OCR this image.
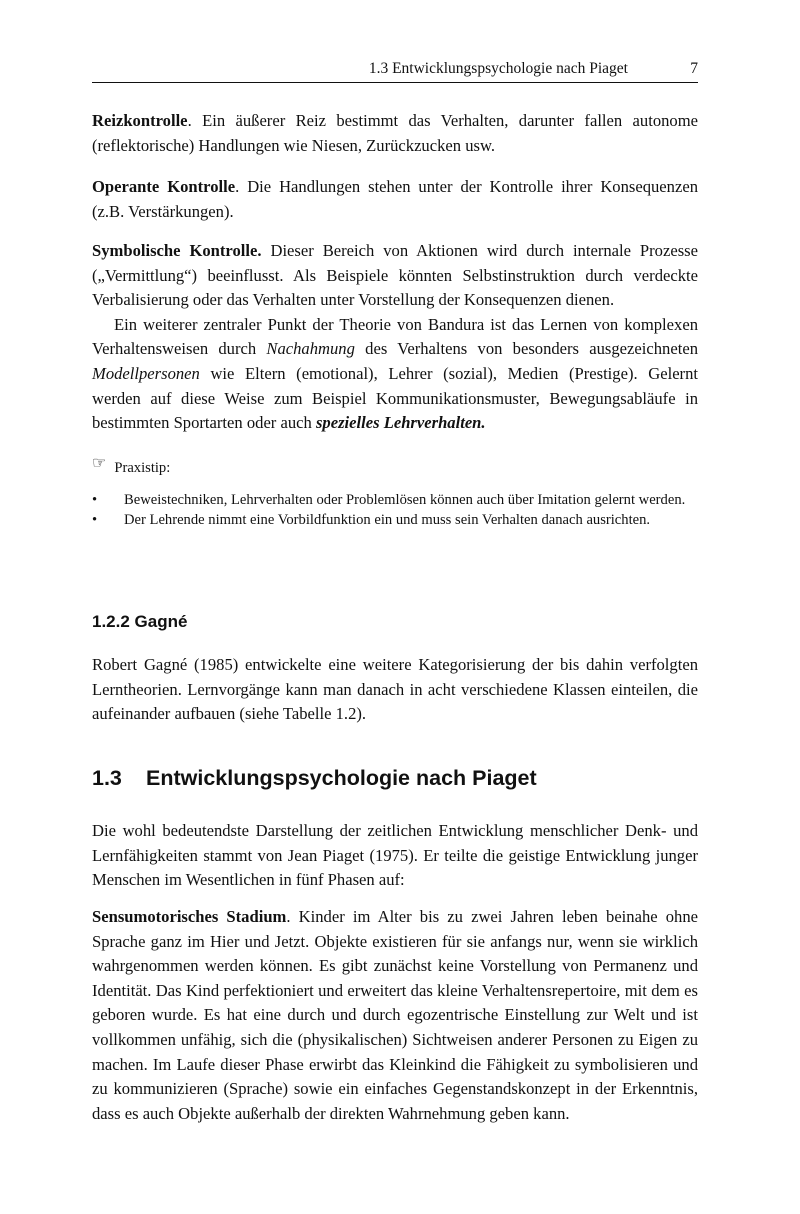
1.3 Entwicklungspsychologie nach Piaget	7

Reizkontrolle. Ein äußerer Reiz bestimmt das Verhalten, darunter fallen autonome (reflektorische) Handlungen wie Niesen, Zurückzucken usw.

Operante Kontrolle. Die Handlungen stehen unter der Kontrolle ihrer Konsequenzen (z.B. Verstärkungen).

Symbolische Kontrolle. Dieser Bereich von Aktionen wird durch internale Prozesse („Vermittlung“) beeinflusst. Als Beispiele könnten Selbstinstruktion durch verdeckte Verbalisierung oder das Verhalten unter Vorstellung der Konsequenzen dienen.

Ein weiterer zentraler Punkt der Theorie von Bandura ist das Lernen von komplexen Verhaltensweisen durch Nachahmung des Verhaltens von besonders ausgezeichneten Modellpersonen wie Eltern (emotional), Lehrer (sozial), Medien (Prestige). Gelernt werden auf diese Weise zum Beispiel Kommunikationsmuster, Bewegungsabläufe in bestimmten Sportarten oder auch spezielles Lehrverhalten.

☞ Praxistip:
• Beweistechniken, Lehrverhalten oder Problemlösen können auch über Imitation gelernt werden.
• Der Lehrende nimmt eine Vorbildfunktion ein und muss sein Verhalten danach ausrichten.
1.2.2 Gagné

Robert Gagné (1985) entwickelte eine weitere Kategorisierung der bis dahin verfolgten Lerntheorien. Lernvorgänge kann man danach in acht verschiedene Klassen einteilen, die aufeinander aufbauen (siehe Tabelle 1.2).

1.3 Entwicklungspsychologie nach Piaget

Die wohl bedeutendste Darstellung der zeitlichen Entwicklung menschlicher Denk- und Lernfähigkeiten stammt von Jean Piaget (1975). Er teilte die geistige Entwicklung junger Menschen im Wesentlichen in fünf Phasen auf:

Sensumotorisches Stadium. Kinder im Alter bis zu zwei Jahren leben beinahe ohne Sprache ganz im Hier und Jetzt. Objekte existieren für sie anfangs nur, wenn sie wirklich wahrgenommen werden können. Es gibt zunächst keine Vorstellung von Permanenz und Identität. Das Kind perfektioniert und erweitert das kleine Verhaltensrepertoire, mit dem es geboren wurde. Es hat eine durch und durch egozentrische Einstellung zur Welt und ist vollkommen unfähig, sich die (physikalischen) Sichtweisen anderer Personen zu Eigen zu machen. Im Laufe dieser Phase erwirbt das Kleinkind die Fähigkeit zu symbolisieren und zu kommunizieren (Sprache) sowie ein einfaches Gegenstandskonzept in der Erkenntnis, dass es auch Objekte außerhalb der direkten Wahrnehmung geben kann.
